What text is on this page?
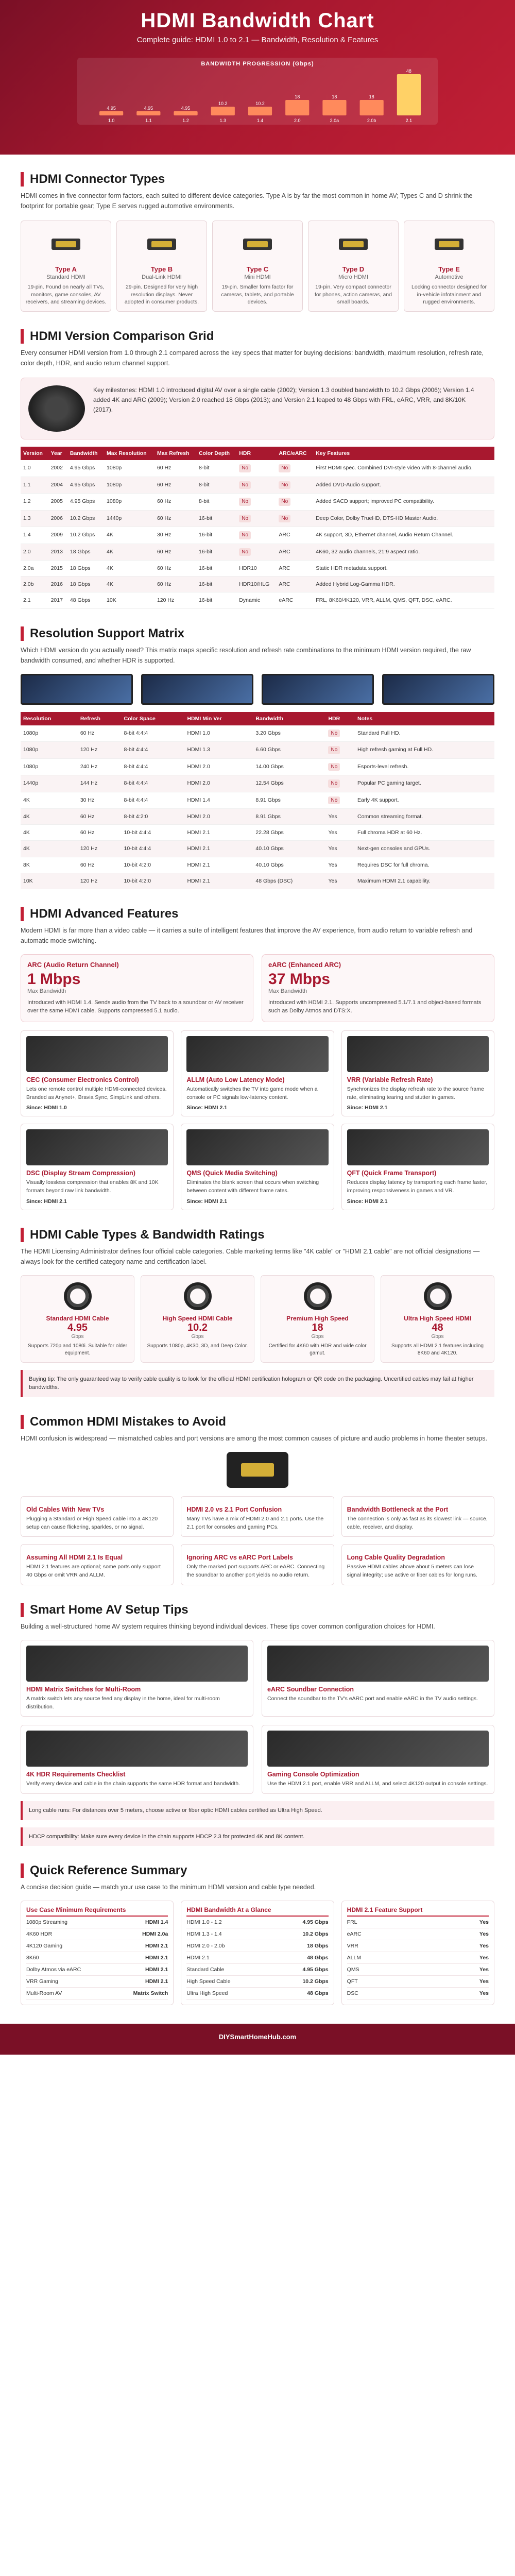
HDMI Bandwidth Chart
Complete guide: HDMI 1.0 to 2.1 — Bandwidth, Resolution & Features
BANDWIDTH PROGRESSION (Gbps)
4.95
1.0
4.95
1.1
4.95
1.2
10.2
1.3
10.2
1.4
18
2.0
18
2.0a
18
2.0b
48
2.1
HDMI Connector Types

HDMI comes in five connector form factors, each suited to different device categories. Type A is by far the most common in home AV; Types C and D shrink the footprint for portable gear; Type E serves rugged automotive environments.

Type A
Standard HDMI

19-pin. Found on nearly all TVs, monitors, game consoles, AV receivers, and streaming devices.

Type B
Dual-Link HDMI

29-pin. Designed for very high resolution displays. Never adopted in consumer products.

Type C
Mini HDMI

19-pin. Smaller form factor for cameras, tablets, and portable devices.

Type D
Micro HDMI

19-pin. Very compact connector for phones, action cameras, and small boards.

Type E
Automotive

Locking connector designed for in-vehicle infotainment and rugged environments.

HDMI Version Comparison Grid

Every consumer HDMI version from 1.0 through 2.1 compared across the key specs that matter for buying decisions: bandwidth, maximum resolution, refresh rate, color depth, HDR, and audio return channel support.

Key milestones: HDMI 1.0 introduced digital AV over a single cable (2002); Version 1.3 doubled bandwidth to 10.2 Gbps (2006); Version 1.4 added 4K and ARC (2009); Version 2.0 reached 18 Gbps (2013); and Version 2.1 leaped to 48 Gbps with FRL, eARC, VRR, and 8K/10K (2017).

Version	Year	Bandwidth	Max Resolution	Max Refresh	Color Depth	HDR	ARC/eARC	Key Features
1.0	2002	4.95 Gbps	1080p	60 Hz	8-bit	No	No	First HDMI spec. Combined DVI-style video with 8-channel audio.
1.1	2004	4.95 Gbps	1080p	60 Hz	8-bit	No	No	Added DVD-Audio support.
1.2	2005	4.95 Gbps	1080p	60 Hz	8-bit	No	No	Added SACD support; improved PC compatibility.
1.3	2006	10.2 Gbps	1440p	60 Hz	16-bit	No	No	Deep Color, Dolby TrueHD, DTS-HD Master Audio.
1.4	2009	10.2 Gbps	4K	30 Hz	16-bit	No	ARC	4K support, 3D, Ethernet channel, Audio Return Channel.
2.0	2013	18 Gbps	4K	60 Hz	16-bit	No	ARC	4K60, 32 audio channels, 21:9 aspect ratio.
2.0a	2015	18 Gbps	4K	60 Hz	16-bit	HDR10	ARC	Static HDR metadata support.
2.0b	2016	18 Gbps	4K	60 Hz	16-bit	HDR10/HLG	ARC	Added Hybrid Log-Gamma HDR.
2.1	2017	48 Gbps	10K	120 Hz	16-bit	Dynamic	eARC	FRL, 8K60/4K120, VRR, ALLM, QMS, QFT, DSC, eARC.
Resolution Support Matrix

Which HDMI version do you actually need? This matrix maps specific resolution and refresh rate combinations to the minimum HDMI version required, the raw bandwidth consumed, and whether HDR is supported.

Resolution	Refresh	Color Space	HDMI Min Ver	Bandwidth	HDR	Notes
1080p	60 Hz	8-bit 4:4:4	HDMI 1.0	3.20 Gbps	No	Standard Full HD.
1080p	120 Hz	8-bit 4:4:4	HDMI 1.3	6.60 Gbps	No	High refresh gaming at Full HD.
1080p	240 Hz	8-bit 4:4:4	HDMI 2.0	14.00 Gbps	No	Esports-level refresh.
1440p	144 Hz	8-bit 4:4:4	HDMI 2.0	12.54 Gbps	No	Popular PC gaming target.
4K	30 Hz	8-bit 4:4:4	HDMI 1.4	8.91 Gbps	No	Early 4K support.
4K	60 Hz	8-bit 4:2:0	HDMI 2.0	8.91 Gbps	Yes	Common streaming format.
4K	60 Hz	10-bit 4:4:4	HDMI 2.1	22.28 Gbps	Yes	Full chroma HDR at 60 Hz.
4K	120 Hz	10-bit 4:4:4	HDMI 2.1	40.10 Gbps	Yes	Next-gen consoles and GPUs.
8K	60 Hz	10-bit 4:2:0	HDMI 2.1	40.10 Gbps	Yes	Requires DSC for full chroma.
10K	120 Hz	10-bit 4:2:0	HDMI 2.1	48 Gbps (DSC)	Yes	Maximum HDMI 2.1 capability.
HDMI Advanced Features

Modern HDMI is far more than a video cable — it carries a suite of intelligent features that improve the AV experience, from audio return to variable refresh and automatic mode switching.

ARC (Audio Return Channel)
1 Mbps
Max Bandwidth

Introduced with HDMI 1.4. Sends audio from the TV back to a soundbar or AV receiver over the same HDMI cable. Supports compressed 5.1 audio.

eARC (Enhanced ARC)
37 Mbps
Max Bandwidth

Introduced with HDMI 2.1. Supports uncompressed 5.1/7.1 and object-based formats such as Dolby Atmos and DTS:X.

CEC (Consumer Electronics Control)

Lets one remote control multiple HDMI-connected devices. Branded as Anynet+, Bravia Sync, SimpLink and others.

Since: HDMI 1.0
ALLM (Auto Low Latency Mode)

Automatically switches the TV into game mode when a console or PC signals low-latency content.

Since: HDMI 2.1
VRR (Variable Refresh Rate)

Synchronizes the display refresh rate to the source frame rate, eliminating tearing and stutter in games.

Since: HDMI 2.1
DSC (Display Stream Compression)

Visually lossless compression that enables 8K and 10K formats beyond raw link bandwidth.

Since: HDMI 2.1
QMS (Quick Media Switching)

Eliminates the blank screen that occurs when switching between content with different frame rates.

Since: HDMI 2.1
QFT (Quick Frame Transport)

Reduces display latency by transporting each frame faster, improving responsiveness in games and VR.

Since: HDMI 2.1
HDMI Cable Types & Bandwidth Ratings

The HDMI Licensing Administrator defines four official cable categories. Cable marketing terms like "4K cable" or "HDMI 2.1 cable" are not official designations — always look for the certified category name and certification label.

Standard HDMI Cable
4.95
Gbps

Supports 720p and 1080i. Suitable for older equipment.

High Speed HDMI Cable
10.2
Gbps

Supports 1080p, 4K30, 3D, and Deep Color.

Premium High Speed
18
Gbps

Certified for 4K60 with HDR and wide color gamut.

Ultra High Speed HDMI
48
Gbps

Supports all HDMI 2.1 features including 8K60 and 4K120.

Buying tip: The only guaranteed way to verify cable quality is to look for the official HDMI certification hologram or QR code on the packaging. Uncertified cables may fail at higher bandwidths.
Common HDMI Mistakes to Avoid

HDMI confusion is widespread — mismatched cables and port versions are among the most common causes of picture and audio problems in home theater setups.

Old Cables With New TVs

Plugging a Standard or High Speed cable into a 4K120 setup can cause flickering, sparkles, or no signal.

HDMI 2.0 vs 2.1 Port Confusion

Many TVs have a mix of HDMI 2.0 and 2.1 ports. Use the 2.1 port for consoles and gaming PCs.

Bandwidth Bottleneck at the Port

The connection is only as fast as its slowest link — source, cable, receiver, and display.

Assuming All HDMI 2.1 Is Equal

HDMI 2.1 features are optional; some ports only support 40 Gbps or omit VRR and ALLM.

Ignoring ARC vs eARC Port Labels

Only the marked port supports ARC or eARC. Connecting the soundbar to another port yields no audio return.

Long Cable Quality Degradation

Passive HDMI cables above about 5 meters can lose signal integrity; use active or fiber cables for long runs.

Smart Home AV Setup Tips

Building a well-structured home AV system requires thinking beyond individual devices. These tips cover common configuration choices for HDMI.

HDMI Matrix Switches for Multi-Room

A matrix switch lets any source feed any display in the home, ideal for multi-room distribution.

eARC Soundbar Connection

Connect the soundbar to the TV's eARC port and enable eARC in the TV audio settings.

4K HDR Requirements Checklist

Verify every device and cable in the chain supports the same HDR format and bandwidth.

Gaming Console Optimization

Use the HDMI 2.1 port, enable VRR and ALLM, and select 4K120 output in console settings.

Long cable runs: For distances over 5 meters, choose active or fiber optic HDMI cables certified as Ultra High Speed.
HDCP compatibility: Make sure every device in the chain supports HDCP 2.3 for protected 4K and 8K content.
Quick Reference Summary

A concise decision guide — match your use case to the minimum HDMI version and cable type needed.

Use Case Minimum Requirements
1080p Streaming	HDMI 1.4
4K60 HDR	HDMI 2.0a
4K120 Gaming	HDMI 2.1
8K60	HDMI 2.1
Dolby Atmos via eARC	HDMI 2.1
VRR Gaming	HDMI 2.1
Multi-Room AV	Matrix Switch
HDMI Bandwidth At a Glance
HDMI 1.0 - 1.2	4.95 Gbps
HDMI 1.3 - 1.4	10.2 Gbps
HDMI 2.0 - 2.0b	18 Gbps
HDMI 2.1	48 Gbps
Standard Cable	4.95 Gbps
High Speed Cable	10.2 Gbps
Ultra High Speed	48 Gbps
HDMI 2.1 Feature Support
FRL	Yes
eARC	Yes
VRR	Yes
ALLM	Yes
QMS	Yes
QFT	Yes
DSC	Yes
DIYSmartHomeHub.com
